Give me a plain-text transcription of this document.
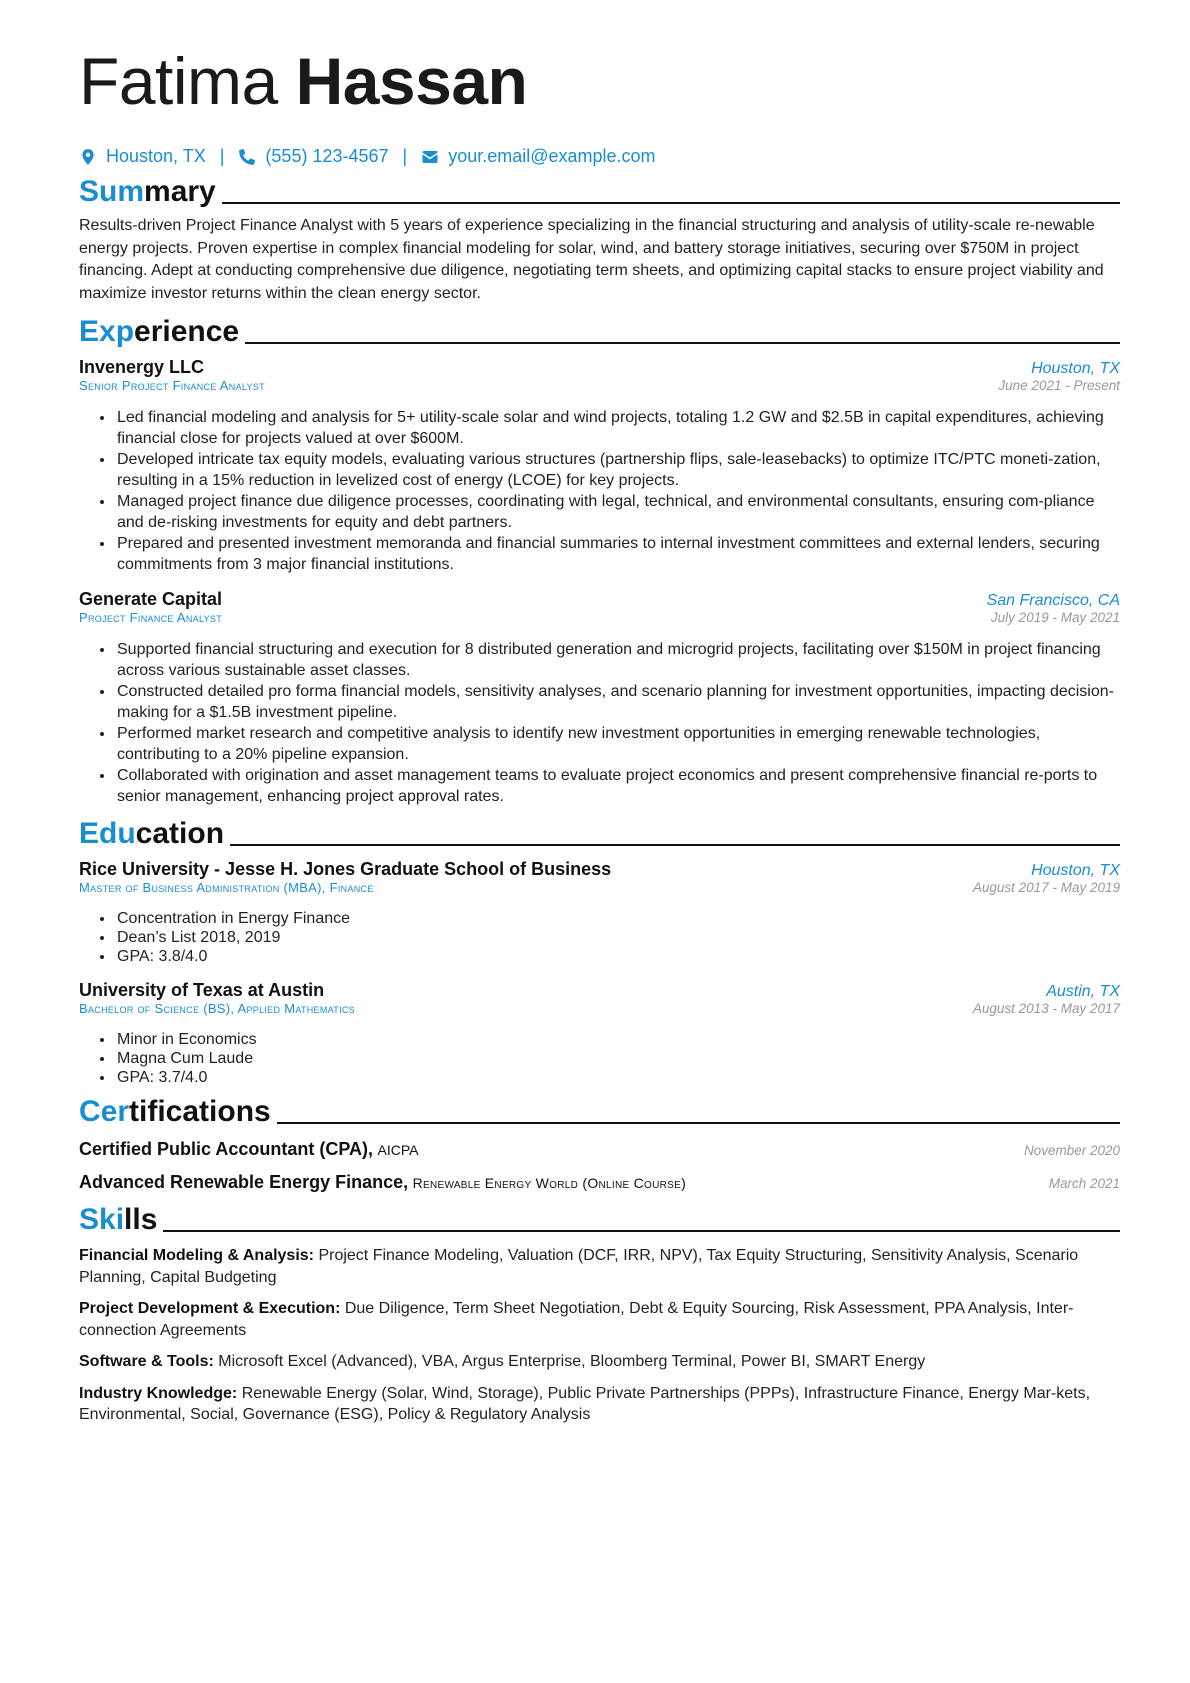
Fatima Hassan
Houston, TX | (555) 123-4567 | your.email@example.com
Summary

Results-driven Project Finance Analyst with 5 years of experience specializing in the financial structuring and analysis of utility-scale re-newable energy projects. Proven expertise in complex financial modeling for solar, wind, and battery storage initiatives, securing over $750M in project financing. Adept at conducting comprehensive due diligence, negotiating term sheets, and optimizing capital stacks to ensure project viability and maximize investor returns within the clean energy sector.

Experience
Invenergy LLC	Houston, TX
Senior Project Finance Analyst	June 2021 - Present
• Led financial modeling and analysis for 5+ utility-scale solar and wind projects, totaling 1.2 GW and $2.5B in capital expenditures, achieving financial close for projects valued at over $600M.
• Developed intricate tax equity models, evaluating various structures (partnership flips, sale-leasebacks) to optimize ITC/PTC moneti-zation, resulting in a 15% reduction in levelized cost of energy (LCOE) for key projects.
• Managed project finance due diligence processes, coordinating with legal, technical, and environmental consultants, ensuring com-pliance and de-risking investments for equity and debt partners.
• Prepared and presented investment memoranda and financial summaries to internal investment committees and external lenders, securing commitments from 3 major financial institutions.
Generate Capital	San Francisco, CA
Project Finance Analyst	July 2019 - May 2021
• Supported financial structuring and execution for 8 distributed generation and microgrid projects, facilitating over $150M in project financing across various sustainable asset classes.
• Constructed detailed pro forma financial models, sensitivity analyses, and scenario planning for investment opportunities, impacting decision-making for a $1.5B investment pipeline.
• Performed market research and competitive analysis to identify new investment opportunities in emerging renewable technologies, contributing to a 20% pipeline expansion.
• Collaborated with origination and asset management teams to evaluate project economics and present comprehensive financial re-ports to senior management, enhancing project approval rates.
Education
Rice University - Jesse H. Jones Graduate School of Business	Houston, TX
Master of Business Administration (MBA), Finance	August 2017 - May 2019
• Concentration in Energy Finance
• Dean’s List 2018, 2019
• GPA: 3.8/4.0
University of Texas at Austin	Austin, TX
Bachelor of Science (BS), Applied Mathematics	August 2013 - May 2017
• Minor in Economics
• Magna Cum Laude
• GPA: 3.7/4.0
Certifications
Certified Public Accountant (CPA), AICPA	November 2020
Advanced Renewable Energy Finance, Renewable Energy World (Online Course)	March 2021
Skills
Financial Modeling & Analysis: Project Finance Modeling, Valuation (DCF, IRR, NPV), Tax Equity Structuring, Sensitivity Analysis, Scenario Planning, Capital Budgeting
Project Development & Execution: Due Diligence, Term Sheet Negotiation, Debt & Equity Sourcing, Risk Assessment, PPA Analysis, Inter-connection Agreements
Software & Tools: Microsoft Excel (Advanced), VBA, Argus Enterprise, Bloomberg Terminal, Power BI, SMART Energy
Industry Knowledge: Renewable Energy (Solar, Wind, Storage), Public Private Partnerships (PPPs), Infrastructure Finance, Energy Mar-kets, Environmental, Social, Governance (ESG), Policy & Regulatory Analysis
